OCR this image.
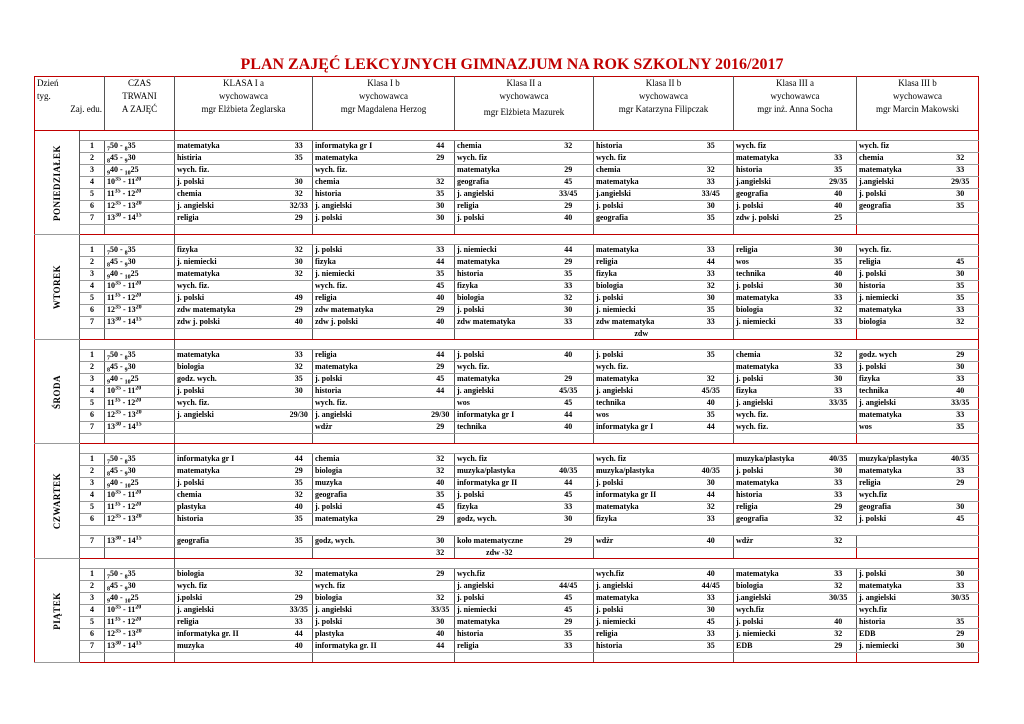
PLAN ZAJĘĆ LEKCYJNYCH GIMNAZJUM NA ROK SZKOLNY 2016/2017
Dzień
tyg.
Zaj. edu.		CZAS
TRWANI
A ZAJĘĆ	KLASA I a
wychowawca
mgr Elżbieta Żeglarska		Klasa I b
wychowawca
mgr Magdalena Herzog		Klasa II a
wychowawca
mgr Elżbieta Mazurek		Klasa II b
wychowawca
mgr Katarzyna Filipczak		Klasa III a
wychowawca
mgr inż. Anna Socha		Klasa III b
wychowawca
mgr Marcin Makowski	

PONIEDZIAŁEK														

	1	$_7$50 - $_8$35	matematyka	33	informatyka gr I	44	chemia	32	historia	35	wych. fiz		wych. fiz	
	2	$_8$45 - $_9$30	histiria	35	matematyka	29	wych. fiz		wych. fiz		matematyka	33	chemia	32
	3	$_9$40 - $_{10}$25	wych. fiz.		wych. fiz.		matematyka	29	chemia	32	historia	35	matematyka	33
	4	$10^{35} - 11^{20}$	j. polski	30	chemia	32	geografia	45	matematyka	33	j.angielski	29/35	j.angielski	29/35
	5	$11^{35} - 12^{20}$	chemia	32	historia	35	j. angielski	33/45	j.angielski	33/45	geografia	40	j. polski	30
	6	$12^{35} - 13^{20}$	j. angielski	32/33	j. angielski	30	religia	29	j. polski	30	j. polski	40	geografia	35
	7	$13^{30} - 14^{15}$	religia	29	j. polski	30	j. polski	40	geografia	35	zdw j. polski	25		

WTOREK														

	1	$_7$50 - $_8$35	fizyka	32	j. polski	33	j. niemiecki	44	matematyka	33	religia	30	wych. fiz.	
	2	$_8$45 - $_9$30	j. niemiecki	30	fizyka	44	matematyka	29	religia	44	wos	35	religia	45
	3	$_9$40 - $_{10}$25	matematyka	32	j. niemiecki	35	historia	35	fizyka	33	technika	40	j. polski	30
	4	$10^{35} - 11^{20}$	wych. fiz.		wych. fiz.	45	fizyka	33	biologia	32	j. polski	30	historia	35
	5	$11^{35} - 12^{20}$	j. polski	49	religia	40	biologia	32	j. polski	30	matematyka	33	j. niemiecki	35
	6	$12^{35} - 13^{20}$	zdw matematyka	29	zdw matematyka	29	j. polski	30	j. niemiecki	35	biologia	32	matematyka	33
	7	$13^{30} - 14^{15}$	zdw j. polski	40	zdw j. polski	40	zdw matematyka	33	zdw matematyka	33	j. niemiecki	33	biologia	32
									zdw					

ŚRODA														

	1	$_7$50 - $_8$35	matematyka	33	religia	44	j. polski	40	j. polski	35	chemia	32	godz. wych	29
	2	$_8$45 - $_9$30	biologia	32	matematyka	29	wych. fiz.		wych. fiz.		matematyka	33	j. polski	30
	3	$_9$40 - $_{10}$25	godz. wych.	35	j. polski	45	matematyka	29	matematyka	32	j. polski	30	fizyka	33
	4	$10^{35} - 11^{20}$	j. polski	30	historia	44	j. angielski	45/35	j. angielski	45/35	fizyka	33	technika	40
	5	$11^{35} - 12^{20}$	wych. fiz.		wych. fiz.		wos	45	technika	40	j. angielski	33/35	j. angielski	33/35
	6	$12^{35} - 13^{20}$	j. angielski	29/30	j. angielski	29/30	informatyka gr I	44	wos	35	wych. fiz.		matematyka	33
	7	$13^{30} - 14^{15}$			wdżr	29	technika	40	informatyka gr I	44	wych. fiz.		wos	35

CZWARTEK														

	1	$_7$50 - $_8$35	informatyka gr I	44	chemia	32	wych. fiz		wych. fiz		muzyka/plastyka	40/35	muzyka/plastyka	40/35
	2	$_8$45 - $_9$30	matematyka	29	biologia	32	muzyka/plastyka	40/35	muzyka/plastyka	40/35	j. polski	30	matematyka	33
	3	$_9$40 - $_{10}$25	j. polski	35	muzyka	40	informatyka gr II	44	j. polski	30	matematyka	33	religia	29
	4	$10^{35} - 11^{20}$	chemia	32	geografia	35	j. polski	45	informatyka gr II	44	historia	33	wych.fiz	
	5	$11^{35} - 12^{20}$	plastyka	40	j. polski	45	fizyka	33	matematyka	32	religia	29	geografia	30
	6	$12^{35} - 13^{20}$	historia	35	matematyka	29	godz, wych.	30	fizyka	33	geografia	32	j. polski	45

	7	$13^{30} - 14^{15}$	geografia	35	godz, wych.	30	koło matematyczne	29	wdżr	40	wdżr	32		
						32	zdw -32							

PIĄTEK														

	1	$_7$50 - $_8$35	biologia	32	matematyka	29	wych.fiz		wych.fiz	40	matematyka	33	j. polski	30
	2	$_8$45 - $_9$30	wych. fiz		wych. fiz		j. angielski	44/45	j. angielski	44/45	biologia	32	matematyka	33
	3	$_9$40 - $_{10}$25	j.polski	29	biologia	32	j. polski	45	matematyka	33	j.angielski	30/35	j. angielski	30/35
	4	$10^{35} - 11^{20}$	j. angielski	33/35	j. angielski	33/35	j. niemiecki	45	j. polski	30	wych.fiz		wych.fiz	
	5	$11^{35} - 12^{20}$	religia	33	j. polski	30	matematyka	29	j. niemiecki	45	j. polski	40	historia	35
	6	$12^{35} - 13^{20}$	informatyka gr. II	44	plastyka	40	historia	35	religia	33	j. niemiecki	32	EDB	29
	7	$13^{30} - 14^{15}$	muzyka	40	informatyka gr. II	44	religia	33	historia	35	EDB	29	j. niemiecki	30
